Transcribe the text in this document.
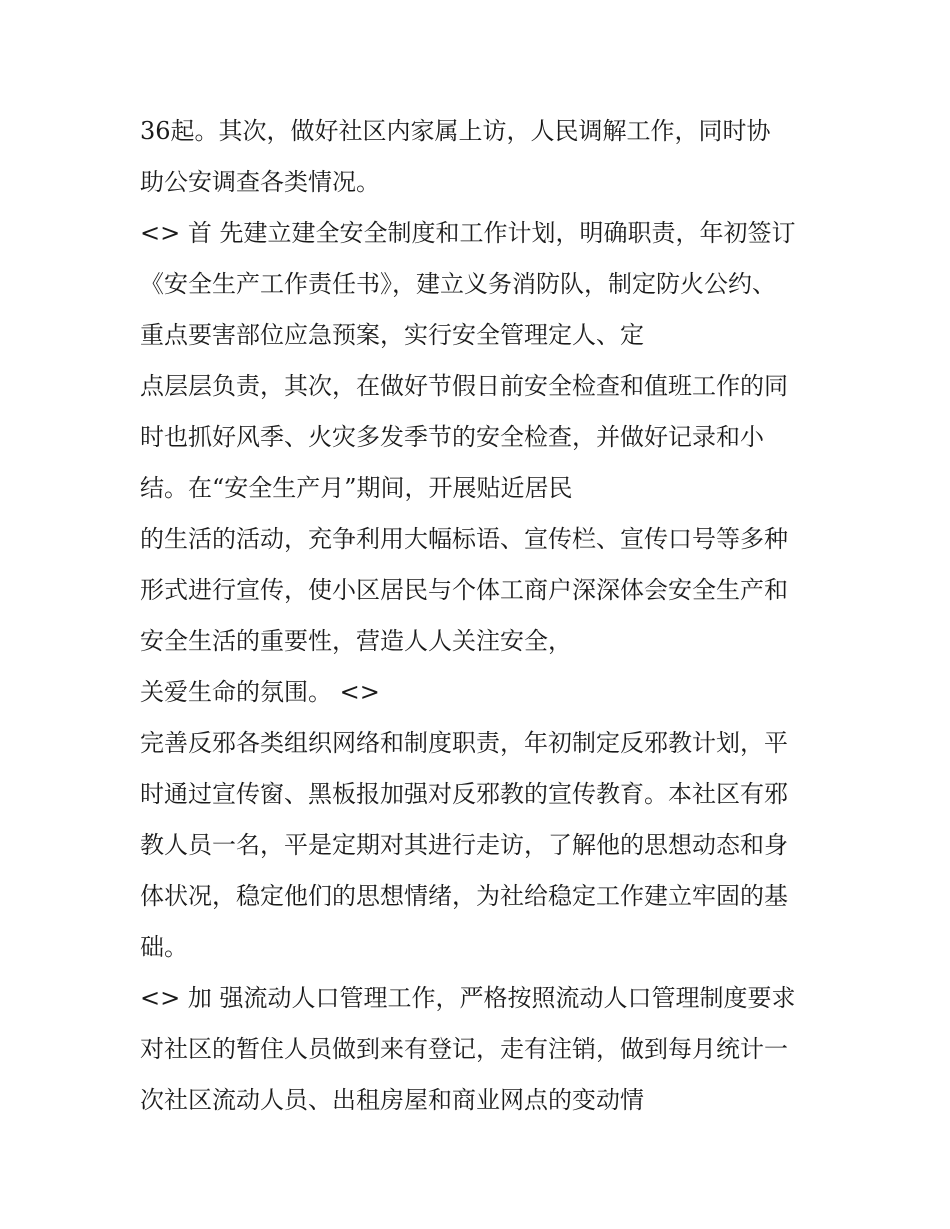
36起。其次，做好社区内家属上访，人民调解工作，同时协
助公安调查各类情况。
<> 首 先建立建全安全制度和工作计划，明确职责，年初签订
《安全生产工作责任书》，建立义务消防队，制定防火公约、
重点要害部位应急预案，实行安全管理定人、定
点层层负责，其次，在做好节假日前安全检查和值班工作的同
时也抓好风季、火灾多发季节的安全检查，并做好记录和小
结。在“安全生产月”期间，开展贴近居民
的生活的活动，充争利用大幅标语、宣传栏、宣传口号等多种
形式进行宣传，使小区居民与个体工商户深深体会安全生产和
安全生活的重要性，营造人人关注安全，
关爱生命的氛围。 <>
完善反邪各类组织网络和制度职责，年初制定反邪教计划，平
时通过宣传窗、黑板报加强对反邪教的宣传教育。本社区有邪
教人员一名，平是定期对其进行走访，了解他的思想动态和身
体状况，稳定他们的思想情绪，为社给稳定工作建立牢固的基
础。
<> 加 强流动人口管理工作，严格按照流动人口管理制度要求
对社区的暂住人员做到来有登记，走有注销，做到每月统计一
次社区流动人员、出租房屋和商业网点的变动情
